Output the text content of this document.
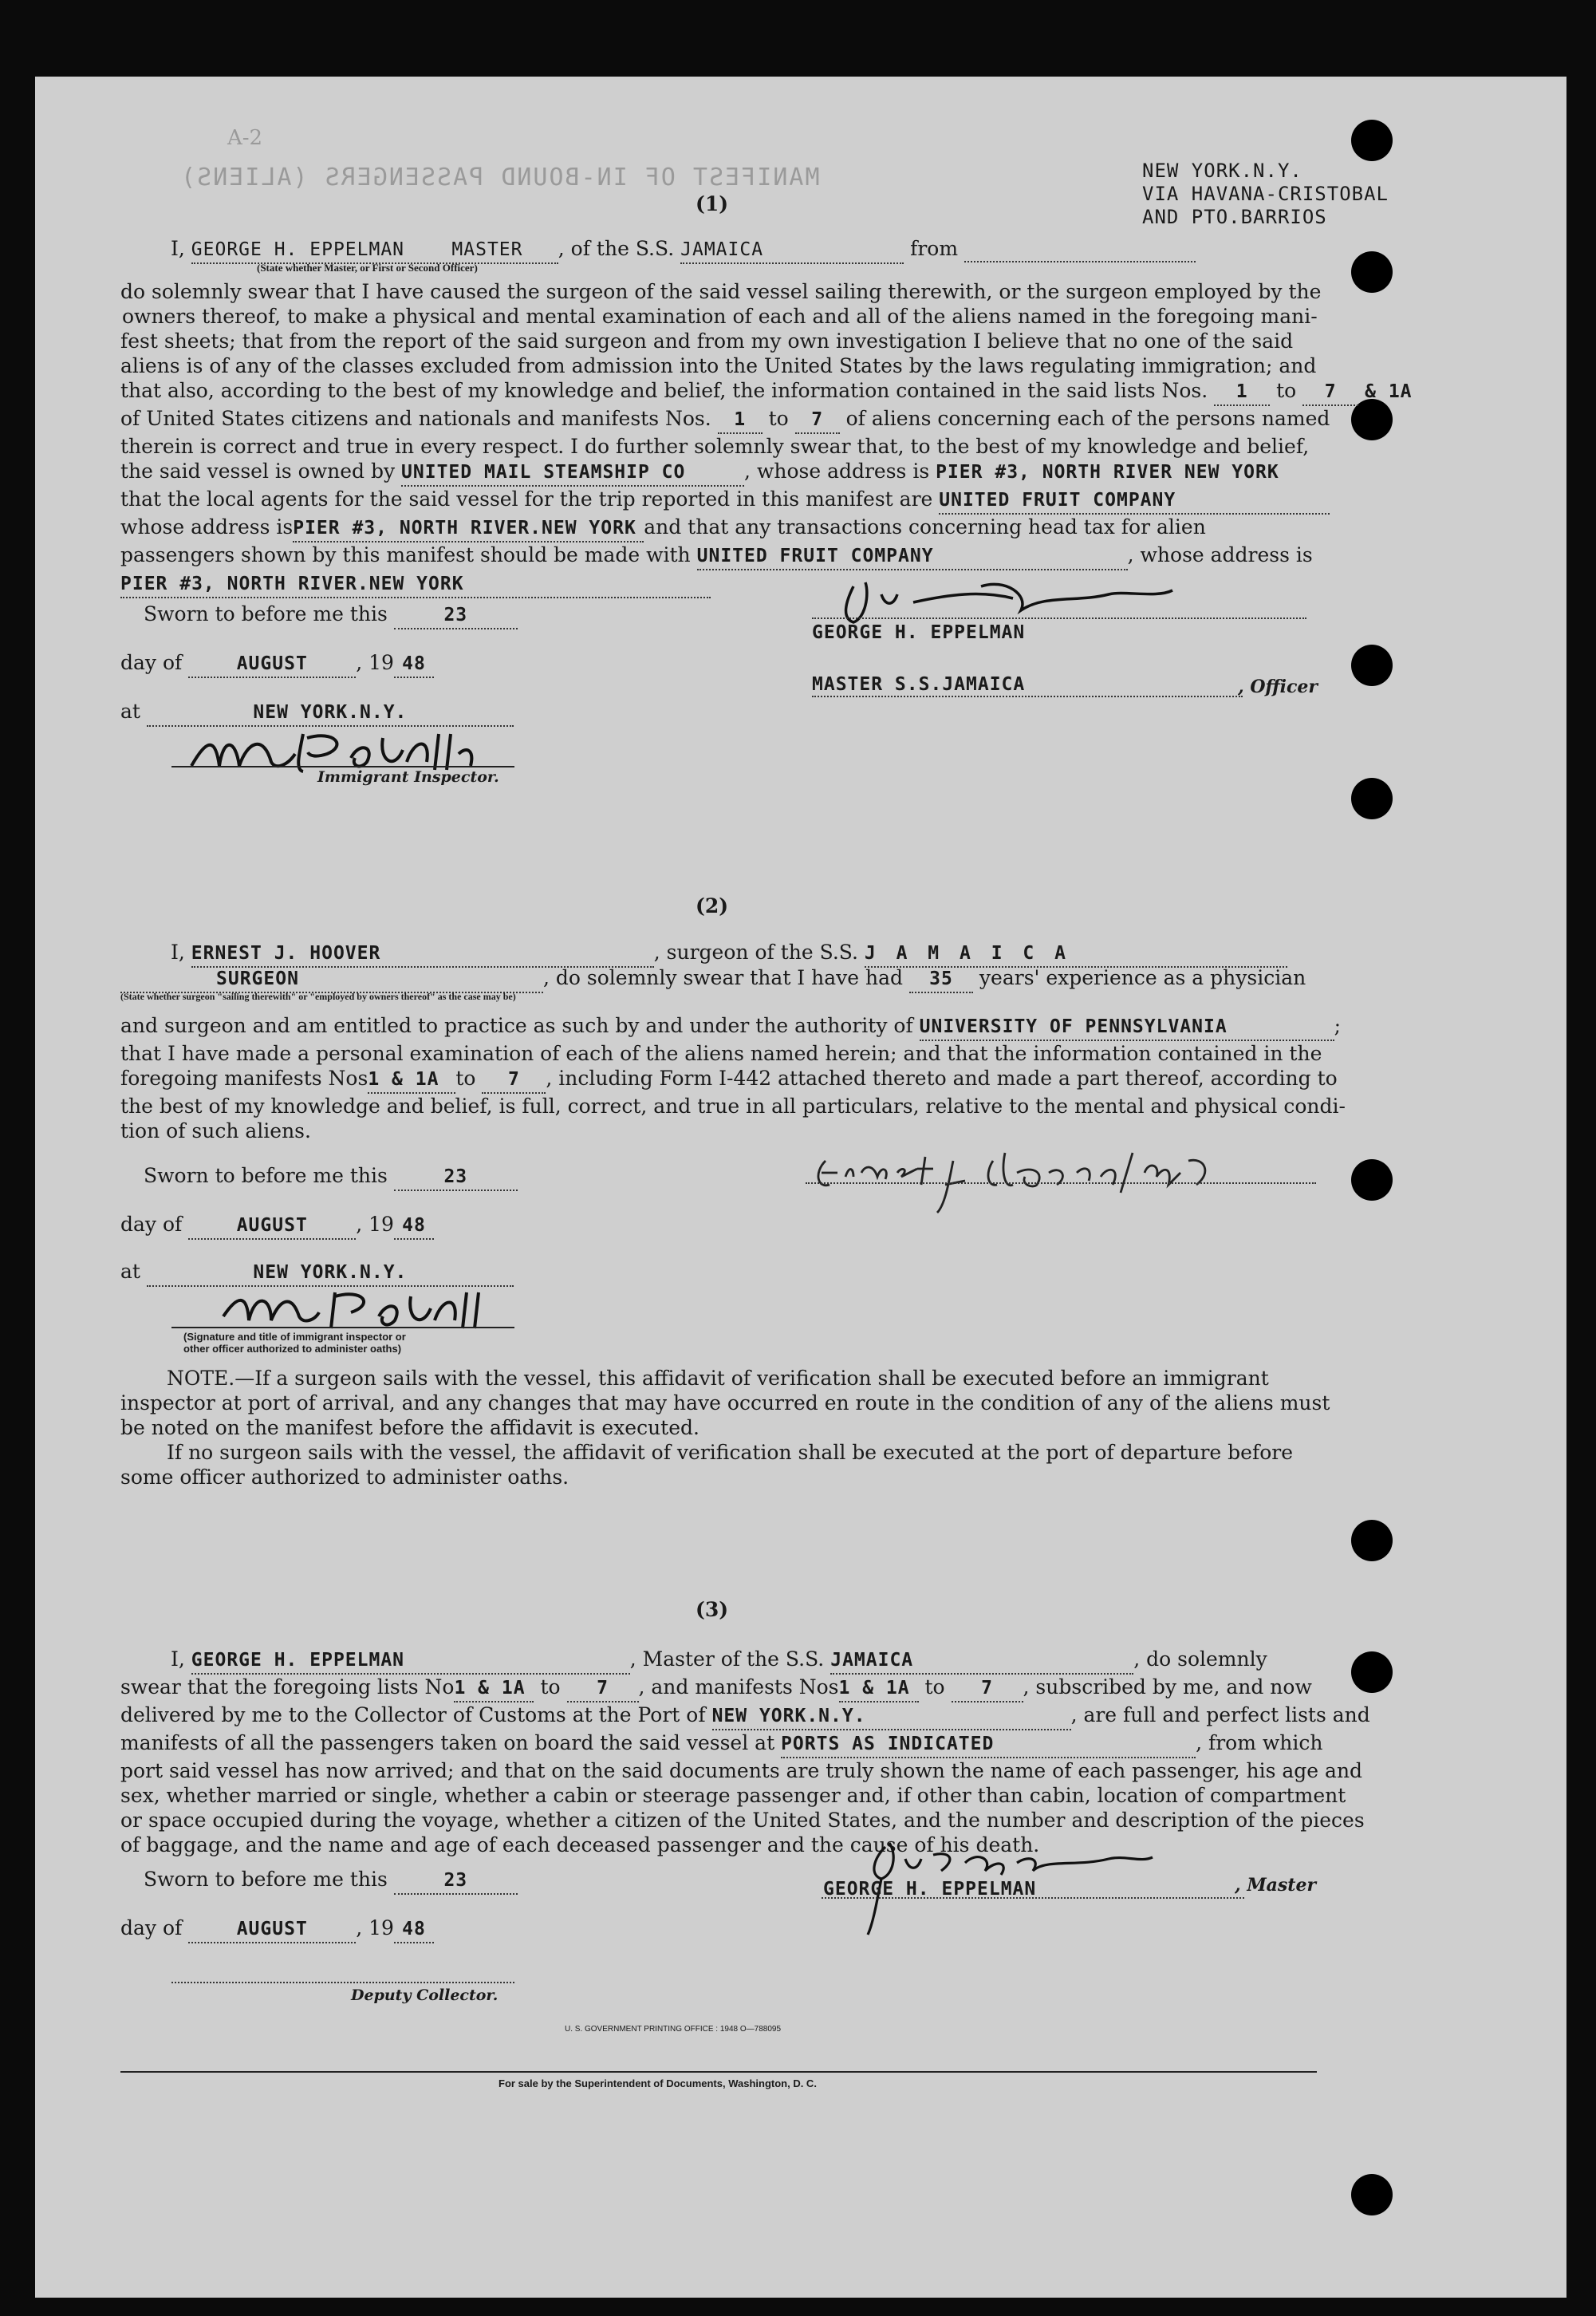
A-2
MANIFEST OF IN-BOUND PASSENGERS (ALIENS)	NEW YORK.N.Y.
VIA HAVANA-CRISTOBAL
AND PTO.BARRIOS
(1)
I, GEORGE H. EPPELMAN	MASTER , of the S.S. JAMAICA	from
(State whether Master, or First or Second Officer)
do solemnly swear that I have caused the surgeon of the said vessel sailing therewith, or the surgeon employed by the
owners thereof, to make a physical and mental examination of each and all of the aliens named in the foregoing mani-
fest sheets; that from the report of the said surgeon and from my own investigation I believe that no one of the said
aliens is of any of the classes excluded from admission into the United States by the laws regulating immigration; and
that also, according to the best of my knowledge and belief, the information contained in the said lists Nos. 1 to 7 & 1A
of United States citizens and nationals and manifests Nos. 1 to 7 of aliens concerning each of the persons named
therein is correct and true in every respect. I do further solemnly swear that, to the best of my knowledge and belief,
the said vessel is owned by UNITED MAIL STEAMSHIP CO	, whose address is PIER #3, NORTH RIVER NEW YORK
that the local agents for the said vessel for the trip reported in this manifest are UNITED FRUIT COMPANY
whose address isPIER #3, NORTH RIVER.NEW YORK and that any transactions concerning head tax for alien
passengers shown by this manifest should be made with UNITED FRUIT COMPANY	, whose address is
PIER #3, NORTH RIVER.NEW YORK
Sworn to before me this	23
day of	AUGUST , 19 48
at	NEW YORK.N.Y.
Immigrant Inspector.
GEORGE H. EPPELMAN
MASTER S.S.JAMAICA	, Officer
(2)
I, ERNEST J. HOOVER	, surgeon of the S.S. J A M A I C A
SURGEON	, do solemnly swear that I have had 35 years' experience as a physician
(State whether surgeon "sailing therewith" or "employed by owners thereof" as the case may be)
and surgeon and am entitled to practice as such by and under the authority of UNIVERSITY OF PENNSYLVANIA	;
that I have made a personal examination of each of the aliens named herein; and that the information contained in the
foregoing manifests Nos1 & 1A to 7 , including Form I-442 attached thereto and made a part thereof, according to
the best of my knowledge and belief, is full, correct, and true in all particulars, relative to the mental and physical condi-
tion of such aliens.
Sworn to before me this	23
day of	AUGUST , 19 48
at	NEW YORK.N.Y.
(Signature and title of immigrant inspector or
other officer authorized to administer oaths)
NOTE.—If a surgeon sails with the vessel, this affidavit of verification shall be executed before an immigrant
inspector at port of arrival, and any changes that may have occurred en route in the condition of any of the aliens must
be noted on the manifest before the affidavit is executed.
If no surgeon sails with the vessel, the affidavit of verification shall be executed at the port of departure before
some officer authorized to administer oaths.
(3)
I, GEORGE H. EPPELMAN	, Master of the S.S. JAMAICA	, do solemnly
swear that the foregoing lists No1 & 1A to 7 , and manifests Nos1 & 1A to 7 , subscribed by me, and now
delivered by me to the Collector of Customs at the Port of NEW YORK.N.Y.	, are full and perfect lists and
manifests of all the passengers taken on board the said vessel at PORTS AS INDICATED	, from which
port said vessel has now arrived; and that on the said documents are truly shown the name of each passenger, his age and
sex, whether married or single, whether a cabin or steerage passenger and, if other than cabin, location of compartment
or space occupied during the voyage, whether a citizen of the United States, and the number and description of the pieces
of baggage, and the name and age of each deceased passenger and the cause of his death.
Sworn to before me this	23
day of	AUGUST , 19 48
Deputy Collector.
GEORGE H. EPPELMAN	, Master
U. S. GOVERNMENT PRINTING OFFICE : 1948 O—788095
For sale by the Superintendent of Documents, Washington, D. C.
